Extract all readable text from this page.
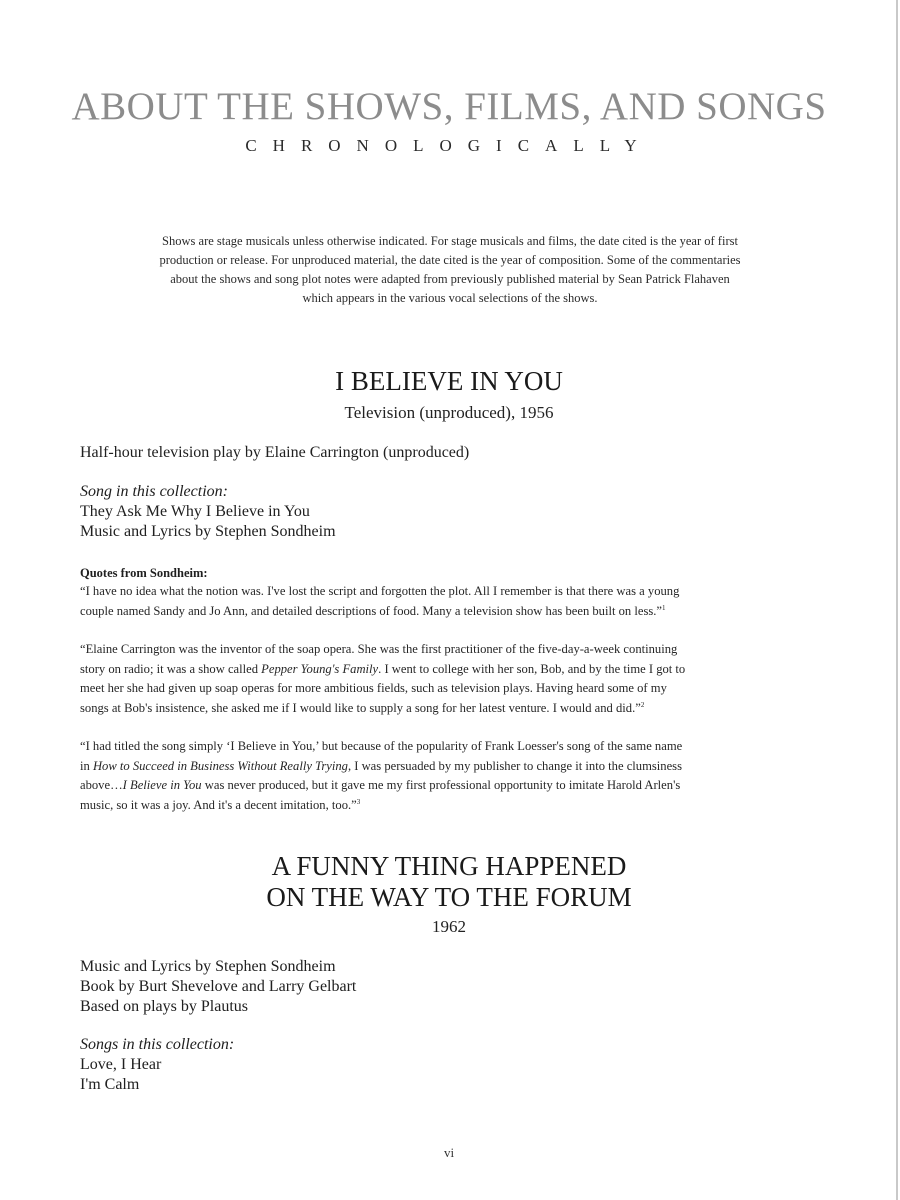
ABOUT THE SHOWS, FILMS, AND SONGS
CHRONOLOGICALLY
Shows are stage musicals unless otherwise indicated. For stage musicals and films, the date cited is the year of first
production or release. For unproduced material, the date cited is the year of composition. Some of the commentaries
about the shows and song plot notes were adapted from previously published material by Sean Patrick Flahaven
which appears in the various vocal selections of the shows.
I BELIEVE IN YOU
Television (unproduced), 1956
Half-hour television play by Elaine Carrington (unproduced)
Song in this collection:
They Ask Me Why I Believe in You
Music and Lyrics by Stephen Sondheim
Quotes from Sondheim:
“I have no idea what the notion was. I've lost the script and forgotten the plot. All I remember is that there was a young
couple named Sandy and Jo Ann, and detailed descriptions of food. Many a television show has been built on less.”$^1$
“Elaine Carrington was the inventor of the soap opera. She was the first practitioner of the five-day-a-week continuing
story on radio; it was a show called Pepper Young's Family. I went to college with her son, Bob, and by the time I got to
meet her she had given up soap operas for more ambitious fields, such as television plays. Having heard some of my
songs at Bob's insistence, she asked me if I would like to supply a song for her latest venture. I would and did.”$^2$
“I had titled the song simply ‘I Believe in You,’ but because of the popularity of Frank Loesser's song of the same name
in How to Succeed in Business Without Really Trying, I was persuaded by my publisher to change it into the clumsiness
above…I Believe in You was never produced, but it gave me my first professional opportunity to imitate Harold Arlen's
music, so it was a joy. And it's a decent imitation, too.”$^3$
A FUNNY THING HAPPENED
ON THE WAY TO THE FORUM
1962
Music and Lyrics by Stephen Sondheim
Book by Burt Shevelove and Larry Gelbart
Based on plays by Plautus
Songs in this collection:
Love, I Hear
I'm Calm
vi
